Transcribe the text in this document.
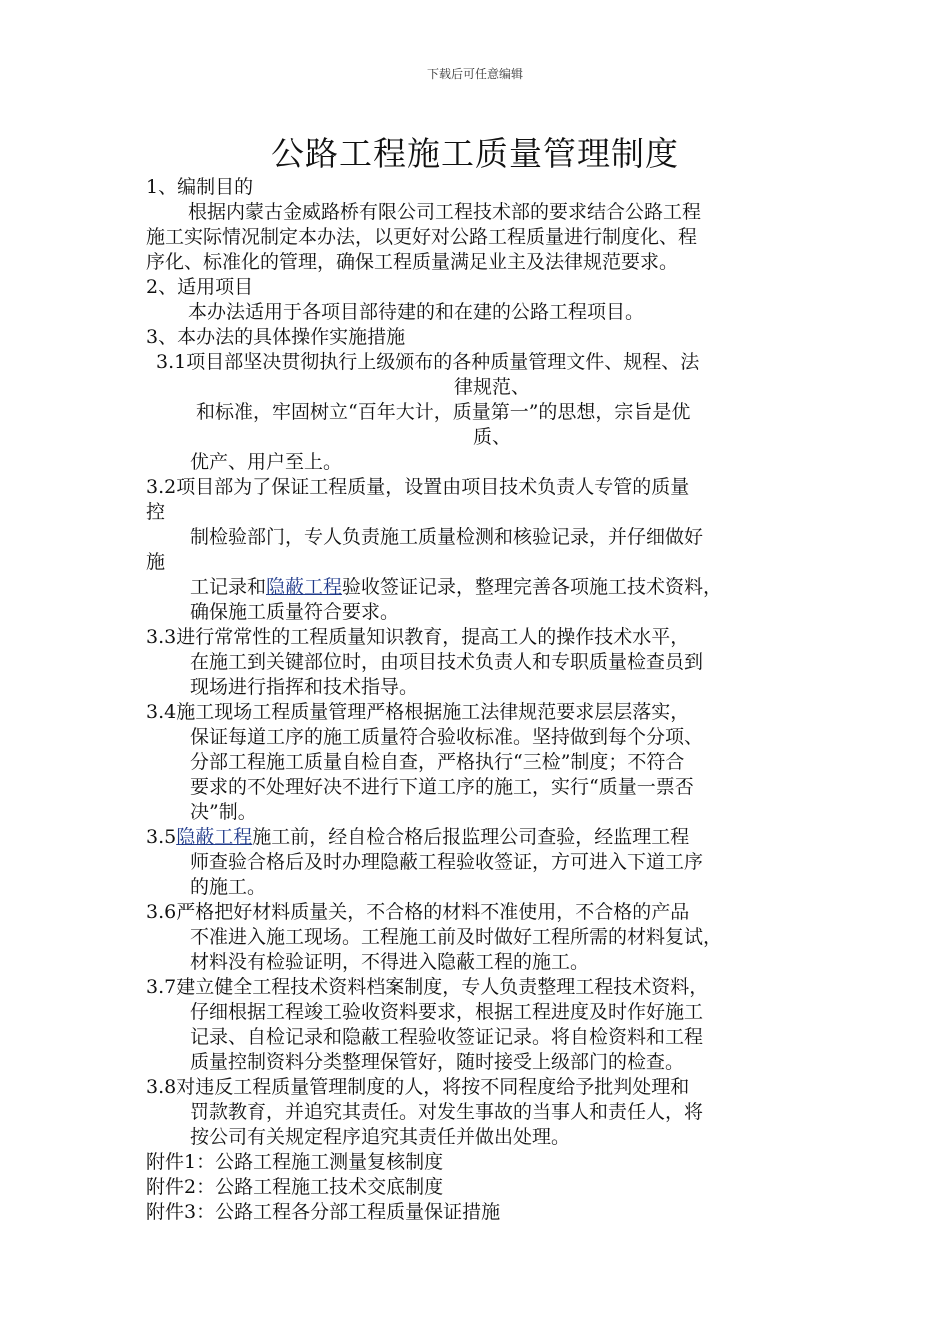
下载后可任意编辑
公路工程施工质量管理制度

1、编制目的

根据内蒙古金威路桥有限公司工程技术部的要求结合公路工程

施工实际情况制定本办法，以更好对公路工程质量进行制度化、程

序化、标准化的管理，确保工程质量满足业主及法律规范要求。

2、适用项目

本办法适用于各项目部待建的和在建的公路工程项目。

3、本办法的具体操作实施措施

3.1项目部坚决贯彻执行上级颁布的各种质量管理文件、规程、法

律规范、

和标准，牢固树立“百年大计，质量第一”的思想，宗旨是优

质、

优产、用户至上。

3.2项目部为了保证工程质量，设置由项目技术负责人专管的质量

控

制检验部门，专人负责施工质量检测和核验记录，并仔细做好

施

工记录和隐蔽工程验收签证记录，整理完善各项施工技术资料，

确保施工质量符合要求。

3.3进行常常性的工程质量知识教育，提高工人的操作技术水平，

在施工到关键部位时，由项目技术负责人和专职质量检查员到

现场进行指挥和技术指导。

3.4施工现场工程质量管理严格根据施工法律规范要求层层落实，

保证每道工序的施工质量符合验收标准。坚持做到每个分项、

分部工程施工质量自检自查，严格执行“三检”制度；不符合

要求的不处理好决不进行下道工序的施工，实行“质量一票否

决”制。

3.5隐蔽工程施工前，经自检合格后报监理公司查验，经监理工程

师查验合格后及时办理隐蔽工程验收签证，方可进入下道工序

的施工。

3.6严格把好材料质量关，不合格的材料不准使用，不合格的产品

不准进入施工现场。工程施工前及时做好工程所需的材料复试，

材料没有检验证明，不得进入隐蔽工程的施工。

3.7建立健全工程技术资料档案制度，专人负责整理工程技术资料，

仔细根据工程竣工验收资料要求，根据工程进度及时作好施工

记录、自检记录和隐蔽工程验收签证记录。将自检资料和工程

质量控制资料分类整理保管好，随时接受上级部门的检查。

3.8对违反工程质量管理制度的人，将按不同程度给予批判处理和

罚款教育，并追究其责任。对发生事故的当事人和责任人，将

按公司有关规定程序追究其责任并做出处理。

附件1：公路工程施工测量复核制度

附件2：公路工程施工技术交底制度

附件3：公路工程各分部工程质量保证措施
